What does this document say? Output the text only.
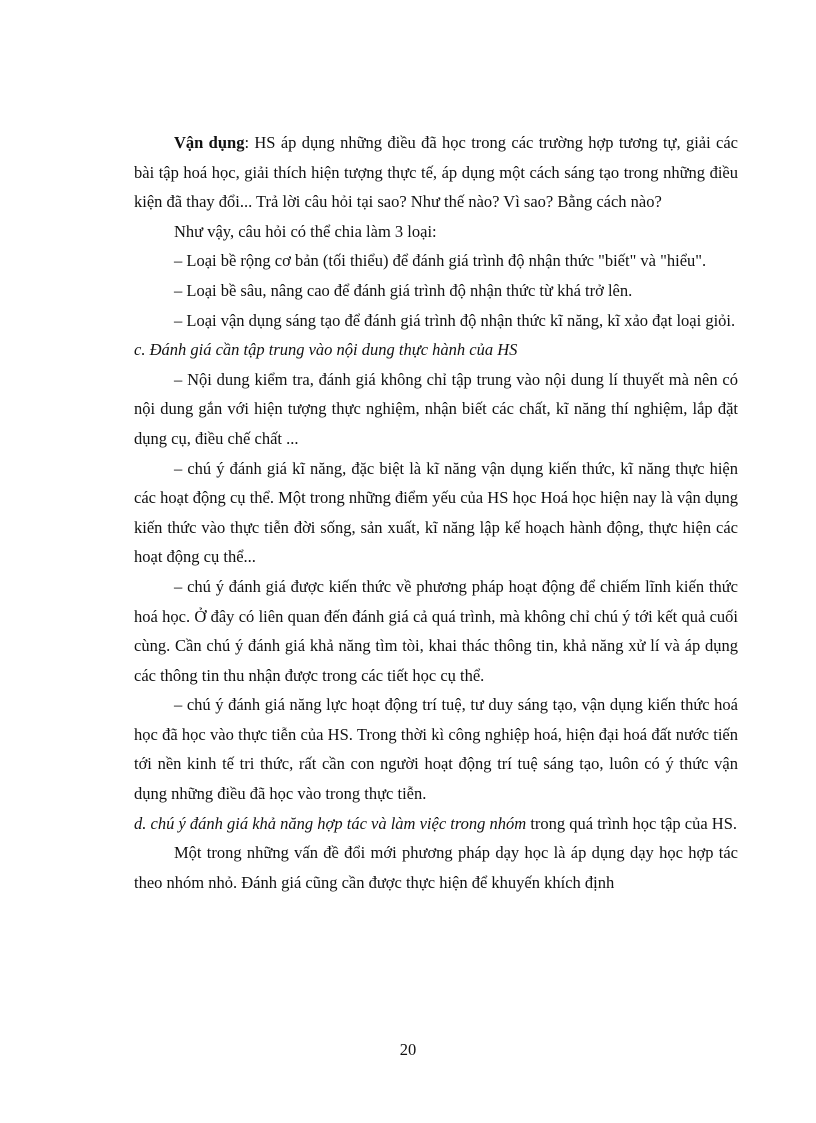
Vận dụng: HS áp dụng những điều đã học trong các trường hợp tương tự, giải các bài tập hoá học, giải thích hiện tượng thực tế, áp dụng một cách sáng tạo trong những điều kiện đã thay đổi... Trả lời câu hỏi tại sao? Như thế nào? Vì sao? Bằng cách nào?

Như vậy, câu hỏi có thể chia làm 3 loại:

– Loại bề rộng cơ bản (tối thiểu) để đánh giá trình độ nhận thức "biết" và "hiểu".

– Loại bề sâu, nâng cao để đánh giá trình độ nhận thức từ khá trở lên.

– Loại vận dụng sáng tạo để đánh giá trình độ nhận thức kĩ năng, kĩ xảo đạt loại giỏi.

c. Đánh giá cần tập trung vào nội dung thực hành của HS

– Nội dung kiểm tra, đánh giá không chỉ tập trung vào nội dung lí thuyết mà nên có nội dung gắn với hiện tượng thực nghiệm, nhận biết các chất, kĩ năng thí nghiệm, lắp đặt dụng cụ, điều chế chất ...

– chú ý đánh giá kĩ năng, đặc biệt là kĩ năng vận dụng kiến thức, kĩ năng thực hiện các hoạt động cụ thể. Một trong những điểm yếu của HS học Hoá học hiện nay là vận dụng kiến thức vào thực tiễn đời sống, sản xuất, kĩ năng lập kế hoạch hành động, thực hiện các hoạt động cụ thể...

– chú ý đánh giá được kiến thức về phương pháp hoạt động để chiếm lĩnh kiến thức hoá học. Ở đây có liên quan đến đánh giá cả quá trình, mà không chỉ chú ý tới kết quả cuối cùng. Cần chú ý đánh giá khả năng tìm tòi, khai thác thông tin, khả năng xử lí và áp dụng các thông tin thu nhận được trong các tiết học cụ thể.

– chú ý đánh giá năng lực hoạt động trí tuệ, tư duy sáng tạo, vận dụng kiến thức hoá học đã học vào thực tiễn của HS. Trong thời kì công nghiệp hoá, hiện đại hoá đất nước tiến tới nền kinh tế tri thức, rất cần con người hoạt động trí tuệ sáng tạo, luôn có ý thức vận dụng những điều đã học vào trong thực tiễn.

d. chú ý đánh giá khả năng hợp tác và làm việc trong nhóm trong quá trình học tập của HS.

Một trong những vấn đề đổi mới phương pháp dạy học là áp dụng dạy học hợp tác theo nhóm nhỏ. Đánh giá cũng cần được thực hiện để khuyến khích định

20
